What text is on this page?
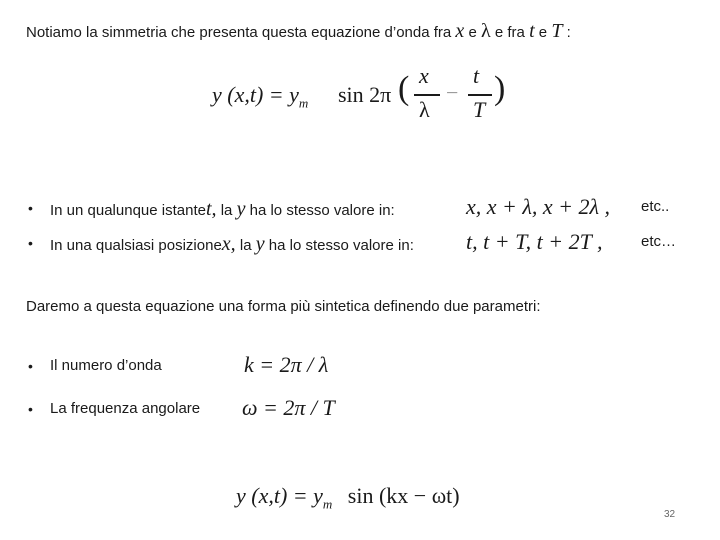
Notiamo la simmetria che presenta questa equazione d’onda fra x e λ e fra t e T :
y $(x,t) = y_m$ sin 2π ( x
λ
−
t
T
)
• In un qualunque istantet, la y ha lo stesso valore in:	x, x + λ, x + 2λ , etc..
• In una qualsiasi posizionex, la y ha lo stesso valore in: t, t + T, t + 2T ,	etc…
Daremo a questa equazione una forma più sintetica definendo due parametri:
• Il numero d’onda	k = 2π / λ
• La frequenza angolare ω = 2π / T
y $(x,t) = y_m$ sin (kx − ωt)
32
